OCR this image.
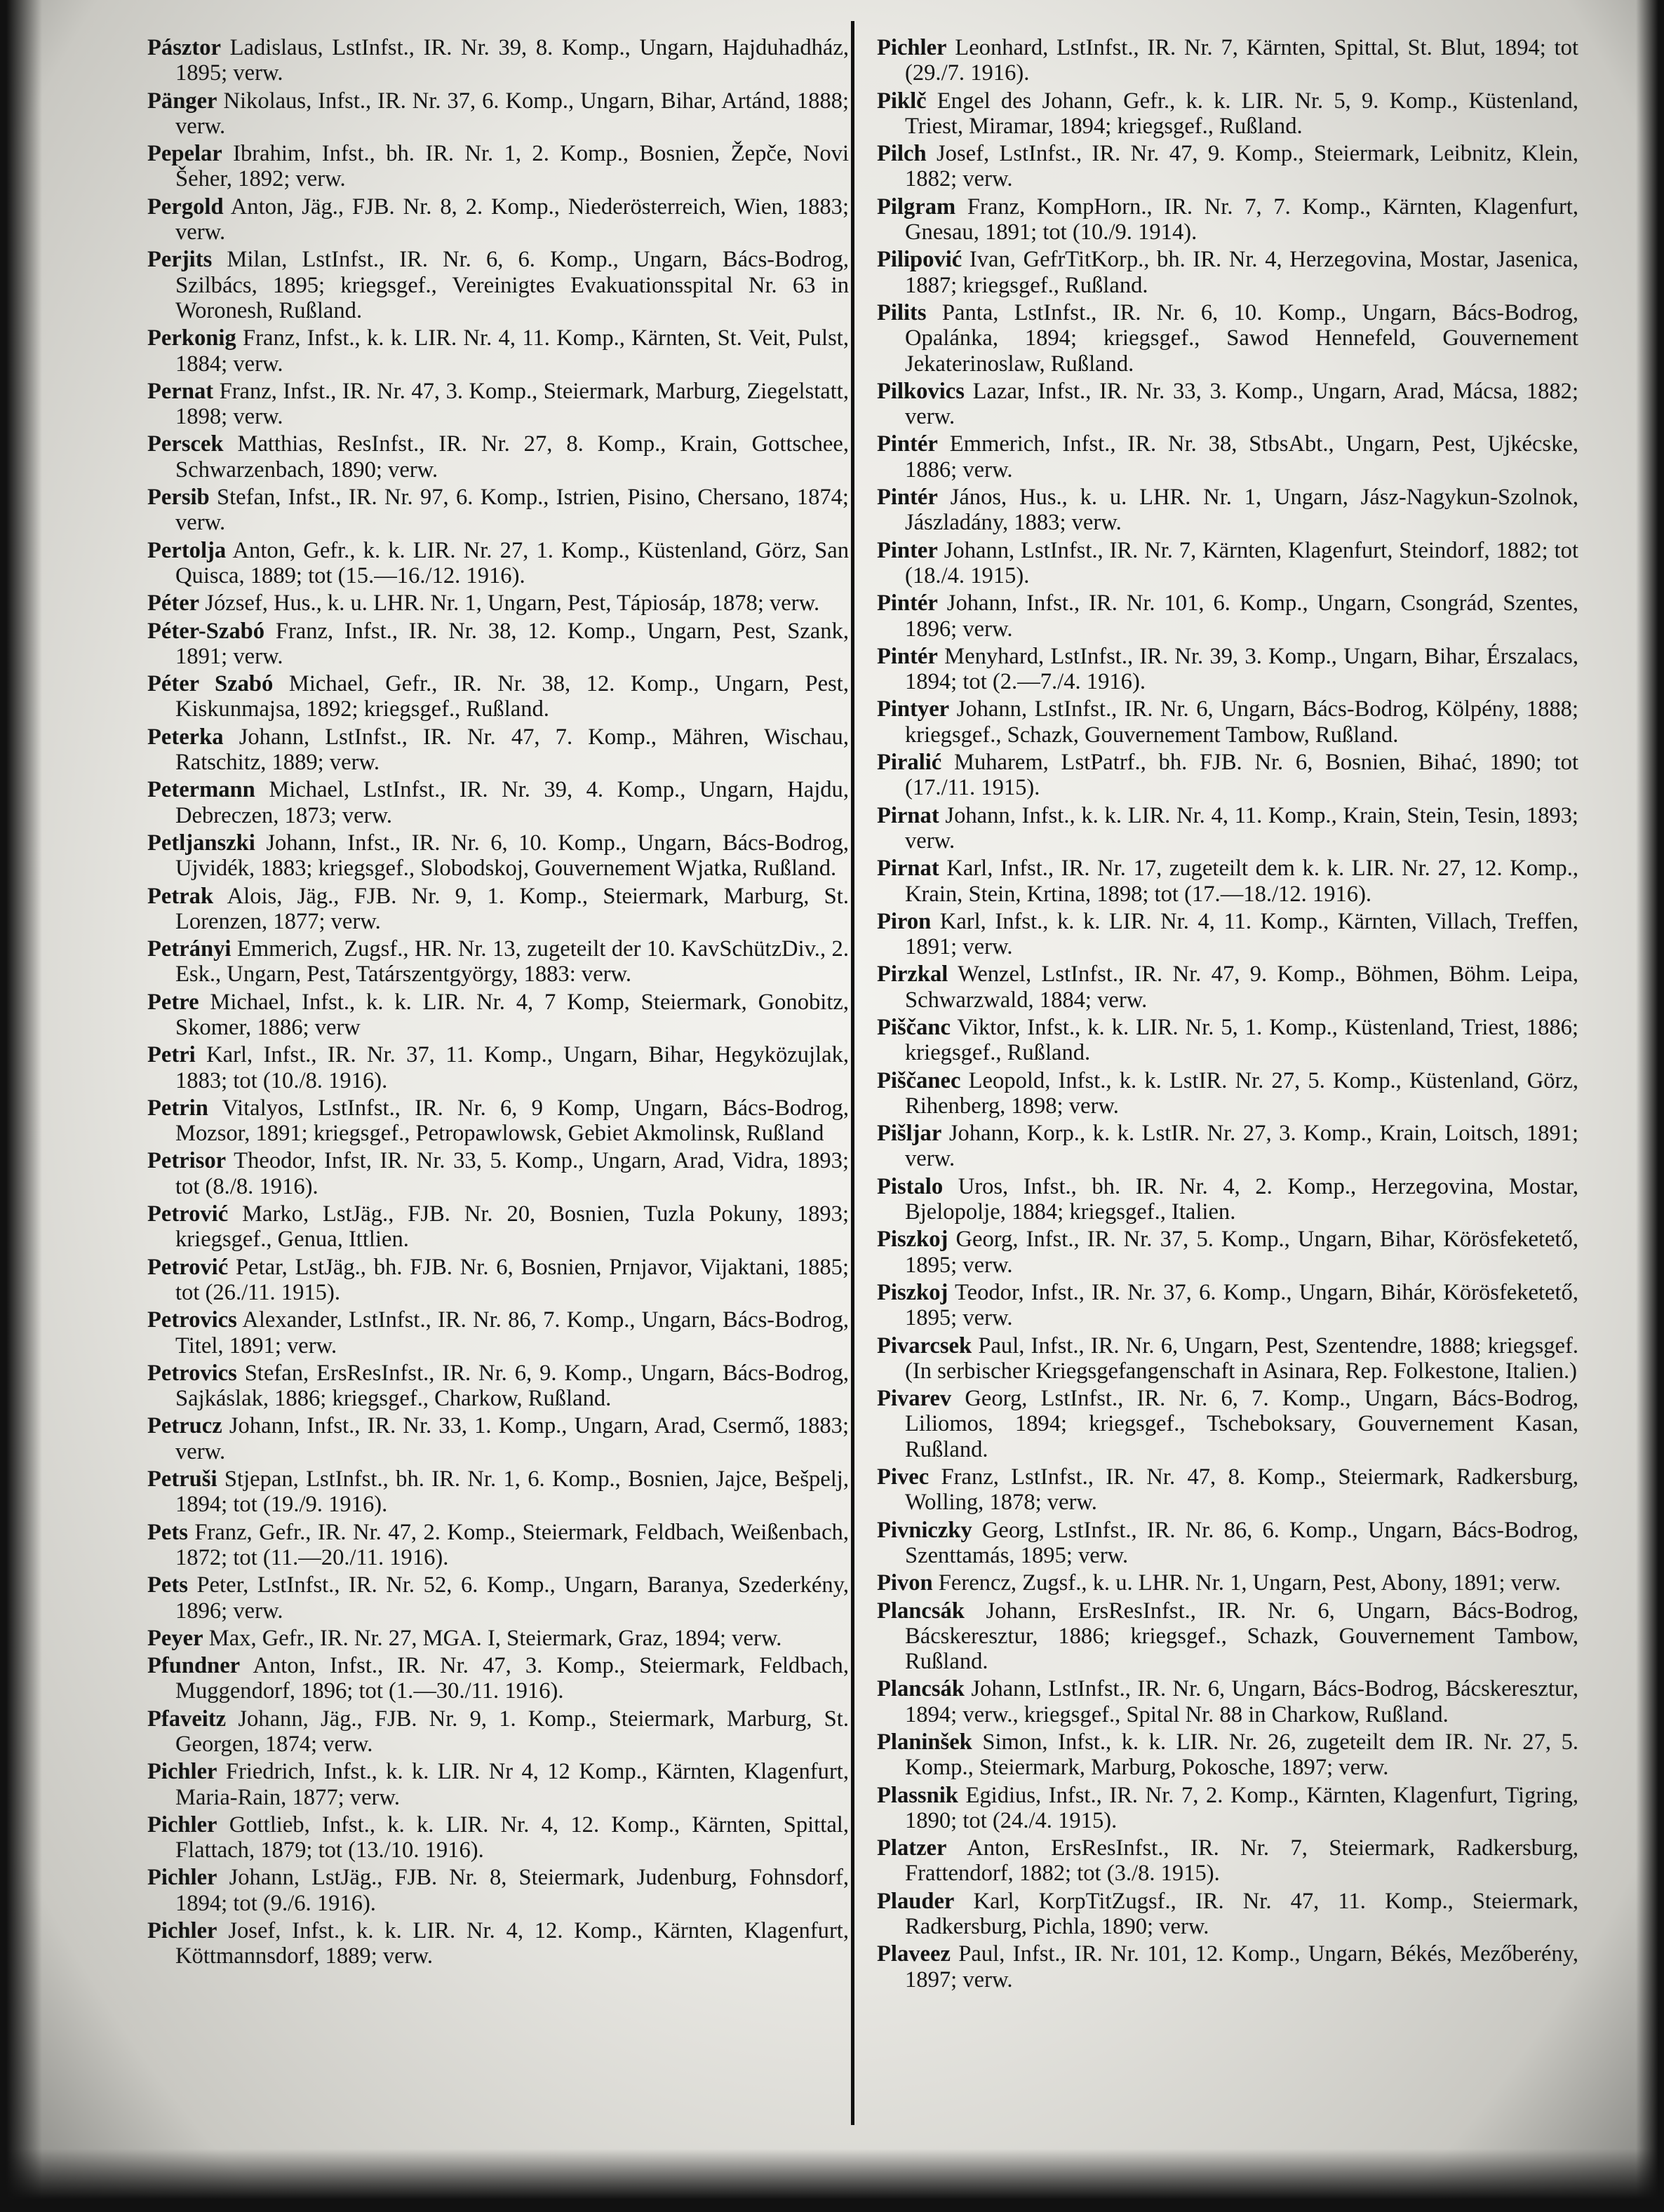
Pásztor Ladislaus, LstInfst., IR. Nr. 39, 8. Komp., Ungarn, Hajduhadház, 1895; verw.

Pänger Nikolaus, Infst., IR. Nr. 37, 6. Komp., Ungarn, Bihar, Artánd, 1888; verw.

Pepelar Ibrahim, Infst., bh. IR. Nr. 1, 2. Komp., Bosnien, Žepče, Novi Šeher, 1892; verw.

Pergold Anton, Jäg., FJB. Nr. 8, 2. Komp., Niederösterreich, Wien, 1883; verw.

Perjits Milan, LstInfst., IR. Nr. 6, 6. Komp., Ungarn, Bács-Bodrog, Szilbács, 1895; kriegsgef., Vereinigtes Evakuationsspital Nr. 63 in Woronesh, Rußland.

Perkonig Franz, Infst., k. k. LIR. Nr. 4, 11. Komp., Kärnten, St. Veit, Pulst, 1884; verw.

Pernat Franz, Infst., IR. Nr. 47, 3. Komp., Steiermark, Marburg, Ziegelstatt, 1898; verw.

Perscek Matthias, ResInfst., IR. Nr. 27, 8. Komp., Krain, Gottschee, Schwarzenbach, 1890; verw.

Persib Stefan, Infst., IR. Nr. 97, 6. Komp., Istrien, Pisino, Chersano, 1874; verw.

Pertolja Anton, Gefr., k. k. LIR. Nr. 27, 1. Komp., Küstenland, Görz, San Quisca, 1889; tot (15.—16./12. 1916).

Péter József, Hus., k. u. LHR. Nr. 1, Ungarn, Pest, Tápiosáp, 1878; verw.

Péter-Szabó Franz, Infst., IR. Nr. 38, 12. Komp., Ungarn, Pest, Szank, 1891; verw.

Péter Szabó Michael, Gefr., IR. Nr. 38, 12. Komp., Ungarn, Pest, Kiskunmajsa, 1892; kriegsgef., Rußland.

Peterka Johann, LstInfst., IR. Nr. 47, 7. Komp., Mähren, Wischau, Ratschitz, 1889; verw.

Petermann Michael, LstInfst., IR. Nr. 39, 4. Komp., Ungarn, Hajdu, Debreczen, 1873; verw.

Petljanszki Johann, Infst., IR. Nr. 6, 10. Komp., Ungarn, Bács-Bodrog, Ujvidék, 1883; kriegsgef., Slobodskoj, Gouvernement Wjatka, Rußland.

Petrak Alois, Jäg., FJB. Nr. 9, 1. Komp., Steiermark, Marburg, St. Lorenzen, 1877; verw.

Petrányi Emmerich, Zugsf., HR. Nr. 13, zugeteilt der 10. KavSchützDiv., 2. Esk., Ungarn, Pest, Tatárszentgyörgy, 1883: verw.

Petre Michael, Infst., k. k. LIR. Nr. 4, 7 Komp, Steiermark, Gonobitz, Skomer, 1886; verw

Petri Karl, Infst., IR. Nr. 37, 11. Komp., Ungarn, Bihar, Hegyközujlak, 1883; tot (10./8. 1916).

Petrin Vitalyos, LstInfst., IR. Nr. 6, 9 Komp, Ungarn, Bács-Bodrog, Mozsor, 1891; kriegsgef., Petropawlowsk, Gebiet Akmolinsk, Rußland

Petrisor Theodor, Infst, IR. Nr. 33, 5. Komp., Ungarn, Arad, Vidra, 1893; tot (8./8. 1916).

Petrović Marko, LstJäg., FJB. Nr. 20, Bosnien, Tuzla Pokuny, 1893; kriegsgef., Genua, Ittlien.

Petrović Petar, LstJäg., bh. FJB. Nr. 6, Bosnien, Prnjavor, Vijaktani, 1885; tot (26./11. 1915).

Petrovics Alexander, LstInfst., IR. Nr. 86, 7. Komp., Ungarn, Bács-Bodrog, Titel, 1891; verw.

Petrovics Stefan, ErsResInfst., IR. Nr. 6, 9. Komp., Ungarn, Bács-Bodrog, Sajkáslak, 1886; kriegsgef., Charkow, Rußland.

Petrucz Johann, Infst., IR. Nr. 33, 1. Komp., Ungarn, Arad, Csermő, 1883; verw.

Petruši Stjepan, LstInfst., bh. IR. Nr. 1, 6. Komp., Bosnien, Jajce, Bešpelj, 1894; tot (19./9. 1916).

Pets Franz, Gefr., IR. Nr. 47, 2. Komp., Steiermark, Feldbach, Weißenbach, 1872; tot (11.—20./11. 1916).

Pets Peter, LstInfst., IR. Nr. 52, 6. Komp., Ungarn, Baranya, Szederkény, 1896; verw.

Peyer Max, Gefr., IR. Nr. 27, MGA. I, Steiermark, Graz, 1894; verw.

Pfundner Anton, Infst., IR. Nr. 47, 3. Komp., Steiermark, Feldbach, Muggendorf, 1896; tot (1.—30./11. 1916).

Pfaveitz Johann, Jäg., FJB. Nr. 9, 1. Komp., Steiermark, Marburg, St. Georgen, 1874; verw.

Pichler Friedrich, Infst., k. k. LIR. Nr 4, 12 Komp., Kärnten, Klagenfurt, Maria-Rain, 1877; verw.

Pichler Gottlieb, Infst., k. k. LIR. Nr. 4, 12. Komp., Kärnten, Spittal, Flattach, 1879; tot (13./10. 1916).

Pichler Johann, LstJäg., FJB. Nr. 8, Steiermark, Judenburg, Fohnsdorf, 1894; tot (9./6. 1916).

Pichler Josef, Infst., k. k. LIR. Nr. 4, 12. Komp., Kärnten, Klagenfurt, Köttmannsdorf, 1889; verw.

Pichler Leonhard, LstInfst., IR. Nr. 7, Kärnten, Spittal, St. Blut, 1894; tot (29./7. 1916).

Piklč Engel des Johann, Gefr., k. k. LIR. Nr. 5, 9. Komp., Küstenland, Triest, Miramar, 1894; kriegsgef., Rußland.

Pilch Josef, LstInfst., IR. Nr. 47, 9. Komp., Steiermark, Leibnitz, Klein, 1882; verw.

Pilgram Franz, KompHorn., IR. Nr. 7, 7. Komp., Kärnten, Klagenfurt, Gnesau, 1891; tot (10./9. 1914).

Pilipović Ivan, GefrTitKorp., bh. IR. Nr. 4, Herzegovina, Mostar, Jasenica, 1887; kriegsgef., Rußland.

Pilits Panta, LstInfst., IR. Nr. 6, 10. Komp., Ungarn, Bács-Bodrog, Opalánka, 1894; kriegsgef., Sawod Hennefeld, Gouvernement Jekaterinoslaw, Rußland.

Pilkovics Lazar, Infst., IR. Nr. 33, 3. Komp., Ungarn, Arad, Mácsa, 1882; verw.

Pintér Emmerich, Infst., IR. Nr. 38, StbsAbt., Ungarn, Pest, Ujkécske, 1886; verw.

Pintér János, Hus., k. u. LHR. Nr. 1, Ungarn, Jász-Nagykun-Szolnok, Jászladány, 1883; verw.

Pinter Johann, LstInfst., IR. Nr. 7, Kärnten, Klagenfurt, Steindorf, 1882; tot (18./4. 1915).

Pintér Johann, Infst., IR. Nr. 101, 6. Komp., Ungarn, Csongrád, Szentes, 1896; verw.

Pintér Menyhard, LstInfst., IR. Nr. 39, 3. Komp., Ungarn, Bihar, Érszalacs, 1894; tot (2.—7./4. 1916).

Pintyer Johann, LstInfst., IR. Nr. 6, Ungarn, Bács-Bodrog, Kölpény, 1888; kriegsgef., Schazk, Gouvernement Tambow, Rußland.

Piralić Muharem, LstPatrf., bh. FJB. Nr. 6, Bosnien, Bihać, 1890; tot (17./11. 1915).

Pirnat Johann, Infst., k. k. LIR. Nr. 4, 11. Komp., Krain, Stein, Tesin, 1893; verw.

Pirnat Karl, Infst., IR. Nr. 17, zugeteilt dem k. k. LIR. Nr. 27, 12. Komp., Krain, Stein, Krtina, 1898; tot (17.—18./12. 1916).

Piron Karl, Infst., k. k. LIR. Nr. 4, 11. Komp., Kärnten, Villach, Treffen, 1891; verw.

Pirzkal Wenzel, LstInfst., IR. Nr. 47, 9. Komp., Böhmen, Böhm. Leipa, Schwarzwald, 1884; verw.

Piščanc Viktor, Infst., k. k. LIR. Nr. 5, 1. Komp., Küstenland, Triest, 1886; kriegsgef., Rußland.

Piščanec Leopold, Infst., k. k. LstIR. Nr. 27, 5. Komp., Küstenland, Görz, Rihenberg, 1898; verw.

Pišljar Johann, Korp., k. k. LstIR. Nr. 27, 3. Komp., Krain, Loitsch, 1891; verw.

Pistalo Uros, Infst., bh. IR. Nr. 4, 2. Komp., Herzegovina, Mostar, Bjelopolje, 1884; kriegsgef., Italien.

Piszkoj Georg, Infst., IR. Nr. 37, 5. Komp., Ungarn, Bihar, Körösfeketető, 1895; verw.

Piszkoj Teodor, Infst., IR. Nr. 37, 6. Komp., Ungarn, Bihár, Körösfeketető, 1895; verw.

Pivarcsek Paul, Infst., IR. Nr. 6, Ungarn, Pest, Szentendre, 1888; kriegsgef. (In serbischer Kriegsgefangenschaft in Asinara, Rep. Folkestone, Italien.)

Pivarev Georg, LstInfst., IR. Nr. 6, 7. Komp., Ungarn, Bács-Bodrog, Liliomos, 1894; kriegsgef., Tscheboksary, Gouvernement Kasan, Rußland.

Pivec Franz, LstInfst., IR. Nr. 47, 8. Komp., Steiermark, Radkersburg, Wolling, 1878; verw.

Pivniczky Georg, LstInfst., IR. Nr. 86, 6. Komp., Ungarn, Bács-Bodrog, Szenttamás, 1895; verw.

Pivon Ferencz, Zugsf., k. u. LHR. Nr. 1, Ungarn, Pest, Abony, 1891; verw.

Plancsák Johann, ErsResInfst., IR. Nr. 6, Ungarn, Bács-Bodrog, Bácskeresztur, 1886; kriegsgef., Schazk, Gouvernement Tambow, Rußland.

Plancsák Johann, LstInfst., IR. Nr. 6, Ungarn, Bács-Bodrog, Bácskeresztur, 1894; verw., kriegsgef., Spital Nr. 88 in Charkow, Rußland.

Planinšek Simon, Infst., k. k. LIR. Nr. 26, zugeteilt dem IR. Nr. 27, 5. Komp., Steiermark, Marburg, Pokosche, 1897; verw.

Plassnik Egidius, Infst., IR. Nr. 7, 2. Komp., Kärnten, Klagenfurt, Tigring, 1890; tot (24./4. 1915).

Platzer Anton, ErsResInfst., IR. Nr. 7, Steiermark, Radkersburg, Frattendorf, 1882; tot (3./8. 1915).

Plauder Karl, KorpTitZugsf., IR. Nr. 47, 11. Komp., Steiermark, Radkersburg, Pichla, 1890; verw.

Plaveez Paul, Infst., IR. Nr. 101, 12. Komp., Ungarn, Békés, Mezőberény, 1897; verw.
